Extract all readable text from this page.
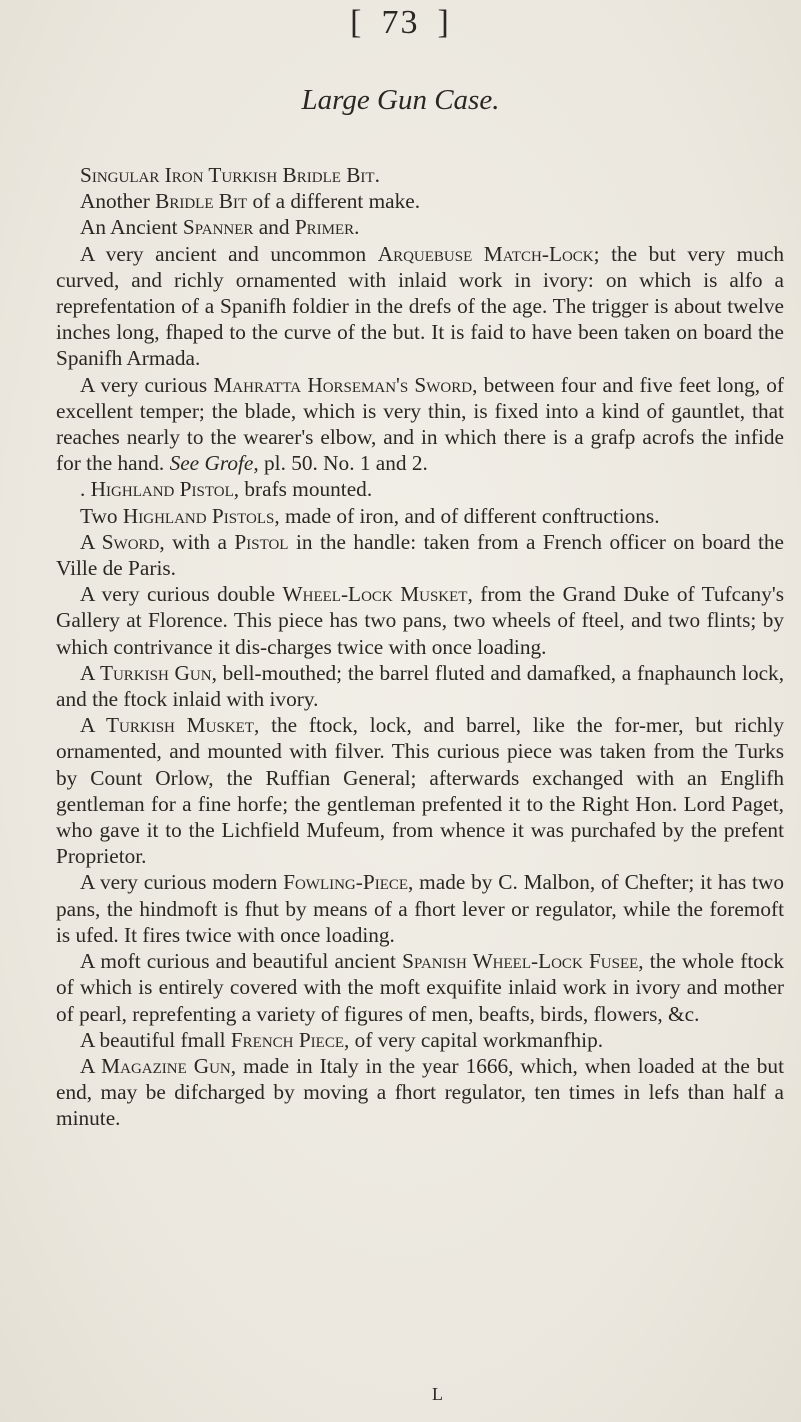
[ 73 ]
Large Gun Case.

Singular Iron Turkish Bridle Bit.

Another Bridle Bit of a different make.

An Ancient Spanner and Primer.

A very ancient and uncommon Arquebuse Match-Lock; the but very much curved, and richly ornamented with inlaid work in ivory: on which is alfo a reprefentation of a Spanifh foldier in the drefs of the age. The trigger is about twelve inches long, fhaped to the curve of the but. It is faid to have been taken on board the Spanifh Armada.

A very curious Mahratta Horseman's Sword, between four and five feet long, of excellent temper; the blade, which is very thin, is fixed into a kind of gauntlet, that reaches nearly to the wearer's elbow, and in which there is a grafp acrofs the infide for the hand. See Grofe, pl. 50. No. 1 and 2.

. Highland Pistol, brafs mounted.

Two Highland Pistols, made of iron, and of different conftructions.

A Sword, with a Pistol in the handle: taken from a French officer on board the Ville de Paris.

A very curious double Wheel-Lock Musket, from the Grand Duke of Tufcany's Gallery at Florence. This piece has two pans, two wheels of fteel, and two flints; by which contrivance it dis-charges twice with once loading.

A Turkish Gun, bell-mouthed; the barrel fluted and damafked, a fnaphaunch lock, and the ftock inlaid with ivory.

A Turkish Musket, the ftock, lock, and barrel, like the for-mer, but richly ornamented, and mounted with filver. This curious piece was taken from the Turks by Count Orlow, the Ruffian General; afterwards exchanged with an Englifh gentleman for a fine horfe; the gentleman prefented it to the Right Hon. Lord Paget, who gave it to the Lichfield Mufeum, from whence it was purchafed by the prefent Proprietor.

A very curious modern Fowling-Piece, made by C. Malbon, of Chefter; it has two pans, the hindmoft is fhut by means of a fhort lever or regulator, while the foremoft is ufed. It fires twice with once loading.

A moft curious and beautiful ancient Spanish Wheel-Lock Fusee, the whole ftock of which is entirely covered with the moft exquifite inlaid work in ivory and mother of pearl, reprefenting a variety of figures of men, beafts, birds, flowers, &c.

A beautiful fmall French Piece, of very capital workmanfhip.

A Magazine Gun, made in Italy in the year 1666, which, when loaded at the but end, may be difcharged by moving a fhort regulator, ten times in lefs than half a minute.

L
